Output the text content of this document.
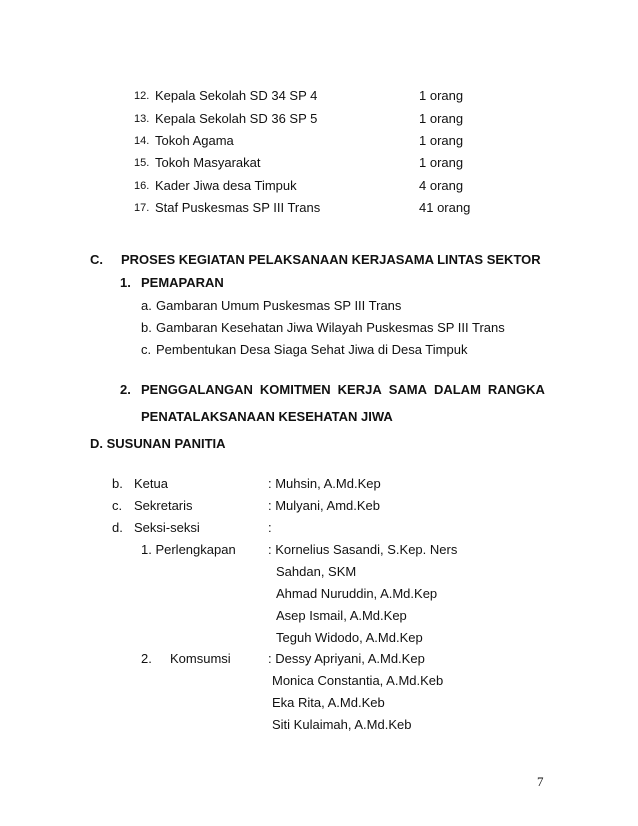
12. Kepala Sekolah SD 34 SP 4	1 orang
13. Kepala Sekolah SD 36 SP 5	1 orang
14. Tokoh Agama	1 orang
15. Tokoh Masyarakat	1 orang
16. Kader Jiwa desa Timpuk	4 orang
17. Staf Puskesmas SP III Trans	41 orang
C. PROSES KEGIATAN PELAKSANAAN KERJASAMA LINTAS SEKTOR
1. PEMAPARAN
a. Gambaran Umum Puskesmas SP III Trans
b. Gambaran Kesehatan Jiwa Wilayah Puskesmas SP III Trans
c. Pembentukan Desa Siaga Sehat Jiwa di Desa Timpuk
2. PENGGALANGAN KOMITMEN KERJA SAMA DALAM RANGKA
PENATALAKSANAAN KESEHATAN JIWA
D. SUSUNAN PANITIA
b. Ketua	: Muhsin, A.Md.Kep
c. Sekretaris	: Mulyani, Amd.Keb
d. Seksi-seksi	:
1. Perlengkapan : Kornelius Sasandi, S.Kep. Ners
Sahdan, SKM
Ahmad Nuruddin, A.Md.Kep
Asep Ismail, A.Md.Kep
Teguh Widodo, A.Md.Kep
2. Komsumsi	: Dessy Apriyani, A.Md.Kep
Monica Constantia, A.Md.Keb
Eka Rita, A.Md.Keb
Siti Kulaimah, A.Md.Keb
7
